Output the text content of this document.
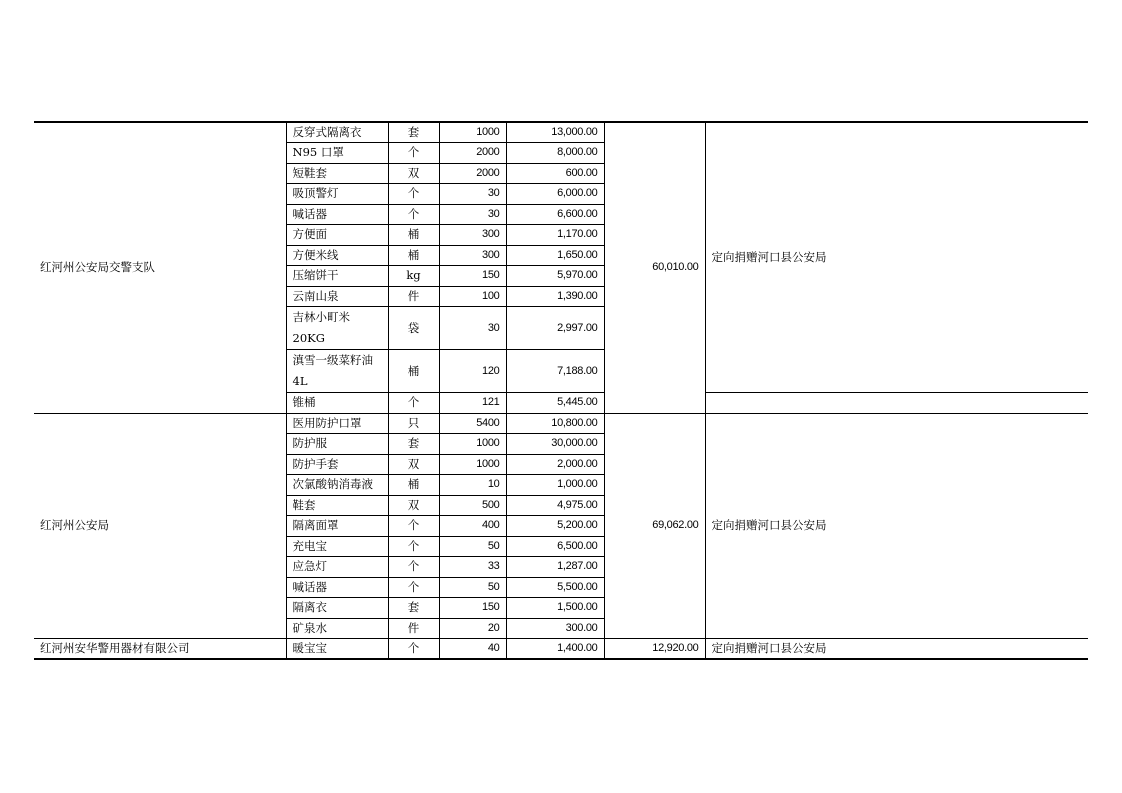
红河州公安局交警支队	反穿式隔离衣	套	1000	13,000.00	60,010.00	定向捐赠河口县公安局
	N95 口罩	个	2000	8,000.00		
	短鞋套	双	2000	600.00		
	吸顶警灯	个	30	6,000.00		
	喊话器	个	30	6,600.00		
	方便面	桶	300	1,170.00		
	方便米线	桶	300	1,650.00		
	压缩饼干	kg	150	5,970.00		
	云南山泉	件	100	1,390.00		
	吉林小町米 20KG	袋	30	2,997.00		
	滇雪一级菜籽油 4L	桶	120	7,188.00		
	锥桶	个	121	5,445.00		
红河州公安局	医用防护口罩	只	5400	10,800.00	69,062.00	定向捐赠河口县公安局
	防护服	套	1000	30,000.00		
	防护手套	双	1000	2,000.00		
	次氯酸钠消毒液	桶	10	1,000.00		
	鞋套	双	500	4,975.00		
	隔离面罩	个	400	5,200.00		
	充电宝	个	50	6,500.00		
	应急灯	个	33	1,287.00		
	喊话器	个	50	5,500.00		
	隔离衣	套	150	1,500.00		
	矿泉水	件	20	300.00		
红河州安华警用器材有限公司	暖宝宝	个	40	1,400.00	12,920.00	定向捐赠河口县公安局
